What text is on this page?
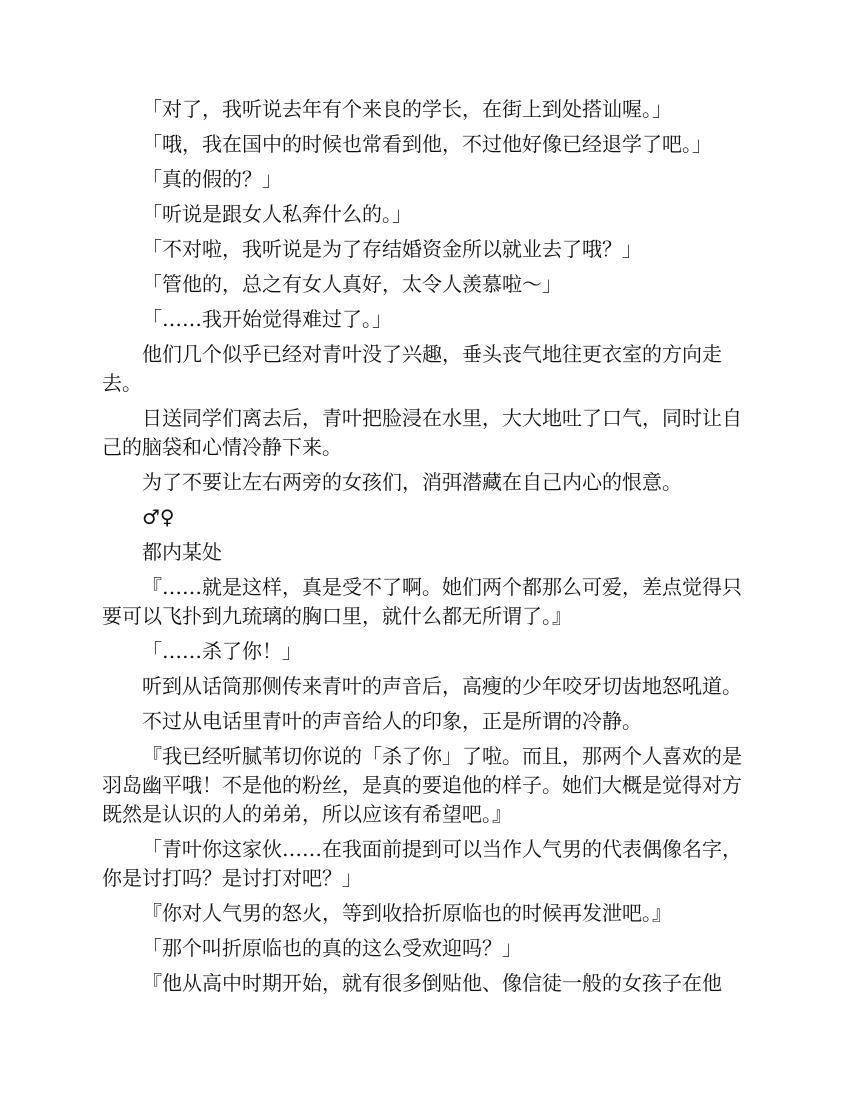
「对了，我听说去年有个来良的学长，在街上到处搭讪喔。」

「哦，我在国中的时候也常看到他，不过他好像已经退学了吧。」

「真的假的？」

「听说是跟女人私奔什么的。」

「不对啦，我听说是为了存结婚资金所以就业去了哦？」

「管他的，总之有女人真好，太令人羡慕啦～」

「……我开始觉得难过了。」

他们几个似乎已经对青叶没了兴趣，垂头丧气地往更衣室的方向走去。

日送同学们离去后，青叶把脸浸在水里，大大地吐了口气，同时让自己的脑袋和心情冷静下来。

为了不要让左右两旁的女孩们，消弭潜藏在自己内心的恨意。

♂♀

都内某处

『……就是这样，真是受不了啊。她们两个都那么可爱，差点觉得只要可以飞扑到九琉璃的胸口里，就什么都无所谓了。』

「……杀了你！」

听到从话筒那侧传来青叶的声音后，高瘦的少年咬牙切齿地怒吼道。

不过从电话里青叶的声音给人的印象，正是所谓的冷静。

『我已经听腻苇切你说的「杀了你」了啦。而且，那两个人喜欢的是羽岛幽平哦！不是他的粉丝，是真的要追他的样子。她们大概是觉得对方既然是认识的人的弟弟，所以应该有希望吧。』

「青叶你这家伙……在我面前提到可以当作人气男的代表偶像名字，你是讨打吗？是讨打对吧？」

『你对人气男的怒火，等到收拾折原临也的时候再发泄吧。』

「那个叫折原临也的真的这么受欢迎吗？」

『他从高中时期开始，就有很多倒贴他、像信徒一般的女孩子在他
